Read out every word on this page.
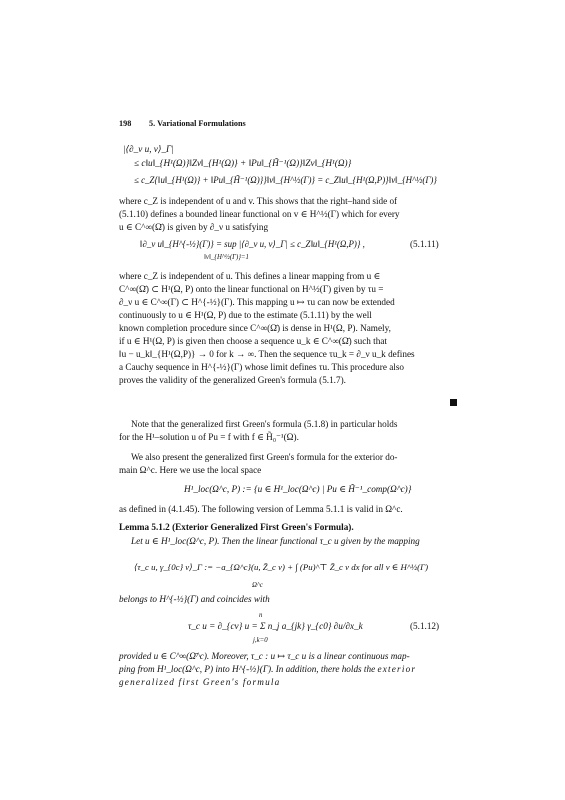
198 5. Variational Formulations
|⟨∂_ν u, v⟩_Γ|
≤ c‖u‖_{H¹(Ω)}‖Zv‖_{H¹(Ω)} + ‖Pu‖_{H̃⁻¹(Ω)}‖Zv‖_{H¹(Ω)}
≤ c_Z{‖u‖_{H¹(Ω)} + ‖Pu‖_{H̃⁻¹(Ω)}}‖v‖_{H^½(Γ)} = c_Z‖u‖_{H¹(Ω,P)}‖v‖_{H^½(Γ)}
where c_Z is independent of u and v. This shows that the right–hand side of
(5.1.10) defines a bounded linear functional on v ∈ H^½(Γ) which for every
u ∈ C^∞(Ω̄) is given by ∂_ν u satisfying
‖∂_ν u‖_{H^{-½}(Γ)} = sup |⟨∂_ν u, v⟩_Γ| ≤ c_Z‖u‖_{H¹(Ω,P)} ,
‖v‖_{H^½(Γ)}=1
(5.1.11)
where c_Z is independent of u. This defines a linear mapping from u ∈
C^∞(Ω̄) ⊂ H¹(Ω, P) onto the linear functional on H^½(Γ) given by τu =
∂_ν u ∈ C^∞(Γ) ⊂ H^{-½}(Γ). This mapping u ↦ τu can now be extended
continuously to u ∈ H¹(Ω, P) due to the estimate (5.1.11) by the well
known completion procedure since C^∞(Ω̄) is dense in H¹(Ω, P). Namely,
if u ∈ H¹(Ω, P) is given then choose a sequence u_k ∈ C^∞(Ω̄) such that
‖u − u_k‖_{H¹(Ω,P)} → 0 for k → ∞. Then the sequence τu_k = ∂_ν u_k defines
a Cauchy sequence in H^{-½}(Γ) whose limit defines τu. This procedure also
proves the validity of the generalized Green's formula (5.1.7).
Note that the generalized first Green's formula (5.1.8) in particular holds
for the H¹–solution u of Pu = f with f ∈ H̃₀⁻¹(Ω).
We also present the generalized first Green's formula for the exterior do-
main Ω^c. Here we use the local space
H¹_loc(Ω^c, P) := {u ∈ H¹_loc(Ω^c) | Pu ∈ H̃⁻¹_comp(Ω^c)}
as defined in (4.1.45). The following version of Lemma 5.1.1 is valid in Ω^c.
Lemma 5.1.2 (Exterior Generalized First Green's Formula).
Let u ∈ H¹_loc(Ω^c, P). Then the linear functional τ_c u given by the mapping
⟨τ_c u, γ_{0c} v⟩_Γ := −a_{Ω^c}(u, Z̄_c v) + ∫ (Pu)^⊤ Z̄_c v dx for all v ∈ H^½(Γ)
Ω^c
belongs to H^{-½}(Γ) and coincides with
n
τ_c u = ∂_{cν} u = Σ n_j a_{jk} γ_{c0} ∂u/∂x_k
j,k=0
(5.1.12)
provided u ∈ C^∞(Ω̄^c). Moreover, τ_c : u ↦ τ_c u is a linear continuous map-
ping from H¹_loc(Ω^c, P) into H^{-½}(Γ). In addition, there holds the exterior
generalized first Green's formula
